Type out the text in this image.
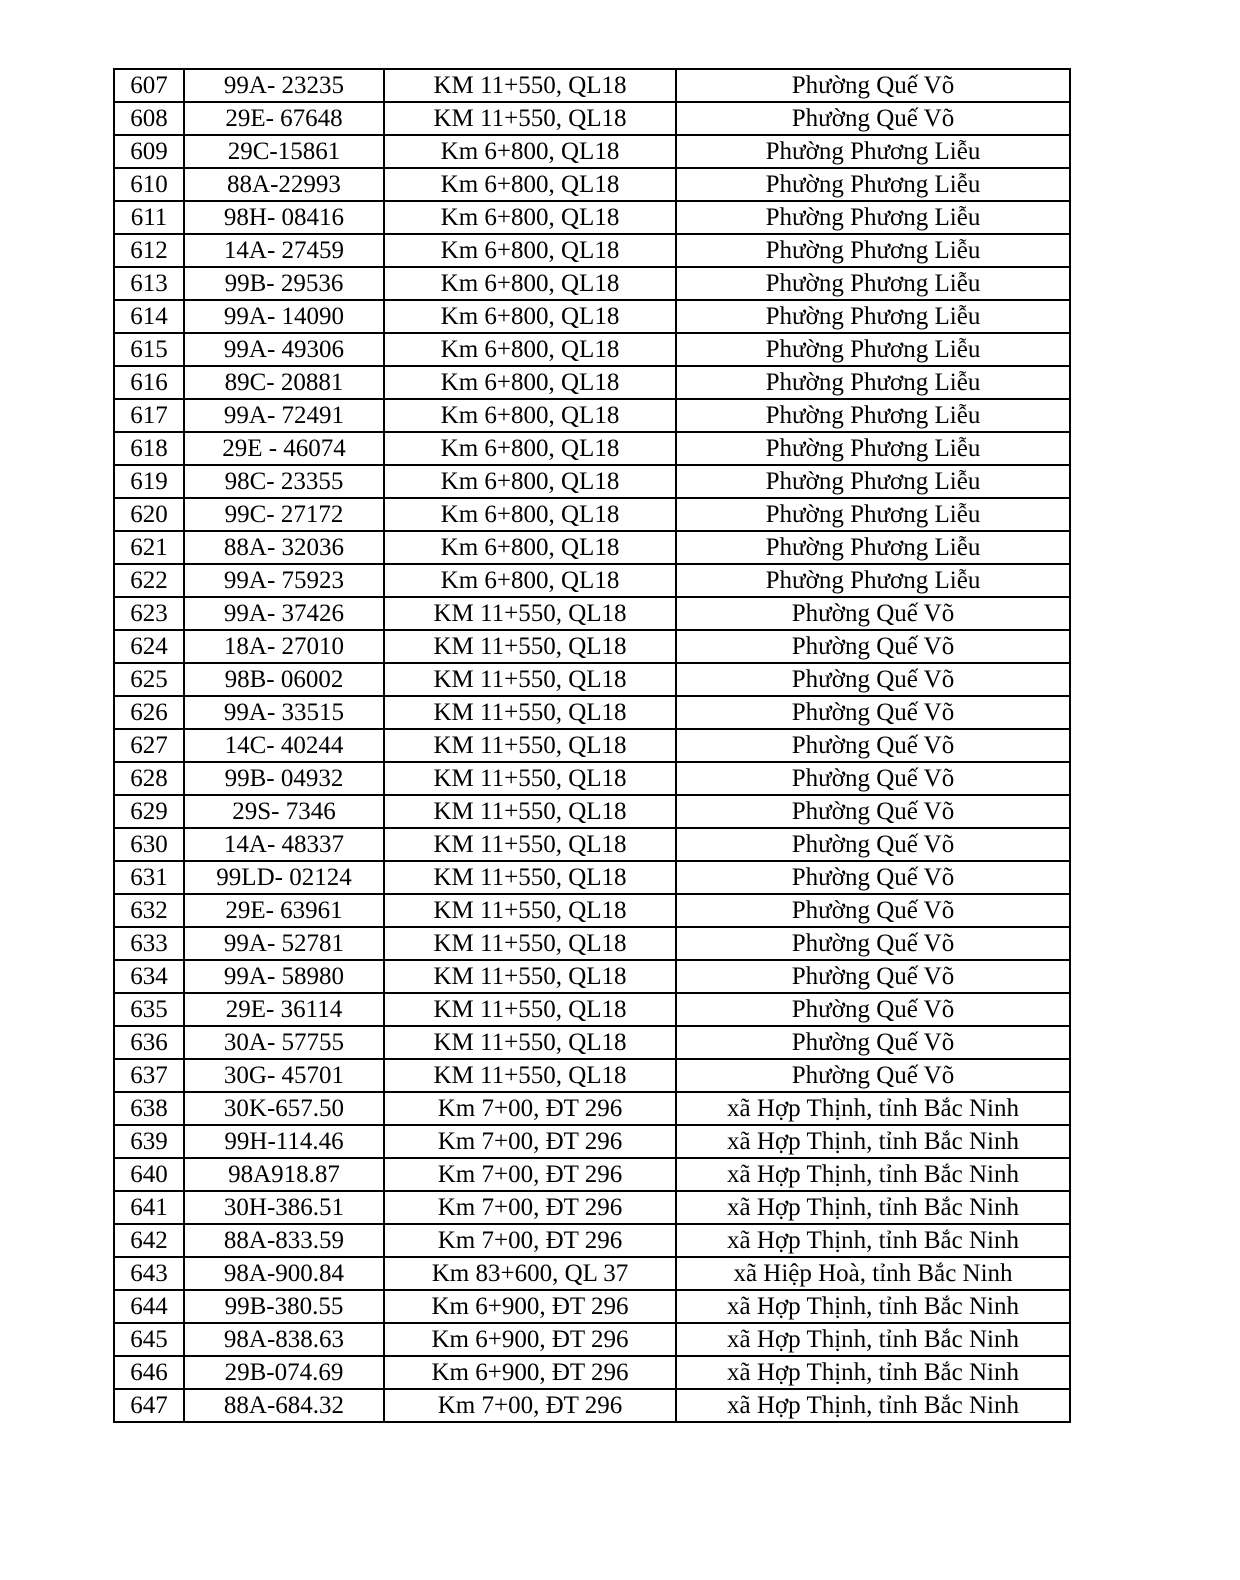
607	99A- 23235	KM 11+550, QL18	Phường Quế Võ
608	29E- 67648	KM 11+550, QL18	Phường Quế Võ
609	29C-15861	Km 6+800, QL18	Phường Phương Liễu
610	88A-22993	Km 6+800, QL18	Phường Phương Liễu
611	98H- 08416	Km 6+800, QL18	Phường Phương Liễu
612	14A- 27459	Km 6+800, QL18	Phường Phương Liễu
613	99B- 29536	Km 6+800, QL18	Phường Phương Liễu
614	99A- 14090	Km 6+800, QL18	Phường Phương Liễu
615	99A- 49306	Km 6+800, QL18	Phường Phương Liễu
616	89C- 20881	Km 6+800, QL18	Phường Phương Liễu
617	99A- 72491	Km 6+800, QL18	Phường Phương Liễu
618	29E - 46074	Km 6+800, QL18	Phường Phương Liễu
619	98C- 23355	Km 6+800, QL18	Phường Phương Liễu
620	99C- 27172	Km 6+800, QL18	Phường Phương Liễu
621	88A- 32036	Km 6+800, QL18	Phường Phương Liễu
622	99A- 75923	Km 6+800, QL18	Phường Phương Liễu
623	99A- 37426	KM 11+550, QL18	Phường Quế Võ
624	18A- 27010	KM 11+550, QL18	Phường Quế Võ
625	98B- 06002	KM 11+550, QL18	Phường Quế Võ
626	99A- 33515	KM 11+550, QL18	Phường Quế Võ
627	14C- 40244	KM 11+550, QL18	Phường Quế Võ
628	99B- 04932	KM 11+550, QL18	Phường Quế Võ
629	29S- 7346	KM 11+550, QL18	Phường Quế Võ
630	14A- 48337	KM 11+550, QL18	Phường Quế Võ
631	99LD- 02124	KM 11+550, QL18	Phường Quế Võ
632	29E- 63961	KM 11+550, QL18	Phường Quế Võ
633	99A- 52781	KM 11+550, QL18	Phường Quế Võ
634	99A- 58980	KM 11+550, QL18	Phường Quế Võ
635	29E- 36114	KM 11+550, QL18	Phường Quế Võ
636	30A- 57755	KM 11+550, QL18	Phường Quế Võ
637	30G- 45701	KM 11+550, QL18	Phường Quế Võ
638	30K-657.50	Km 7+00, ĐT 296	xã Hợp Thịnh, tỉnh Bắc Ninh
639	99H-114.46	Km 7+00, ĐT 296	xã Hợp Thịnh, tỉnh Bắc Ninh
640	98A918.87	Km 7+00, ĐT 296	xã Hợp Thịnh, tỉnh Bắc Ninh
641	30H-386.51	Km 7+00, ĐT 296	xã Hợp Thịnh, tỉnh Bắc Ninh
642	88A-833.59	Km 7+00, ĐT 296	xã Hợp Thịnh, tỉnh Bắc Ninh
643	98A-900.84	Km 83+600, QL 37	xã Hiệp Hoà, tỉnh Bắc Ninh
644	99B-380.55	Km 6+900, ĐT 296	xã Hợp Thịnh, tỉnh Bắc Ninh
645	98A-838.63	Km 6+900, ĐT 296	xã Hợp Thịnh, tỉnh Bắc Ninh
646	29B-074.69	Km 6+900, ĐT 296	xã Hợp Thịnh, tỉnh Bắc Ninh
647	88A-684.32	Km 7+00, ĐT 296	xã Hợp Thịnh, tỉnh Bắc Ninh
